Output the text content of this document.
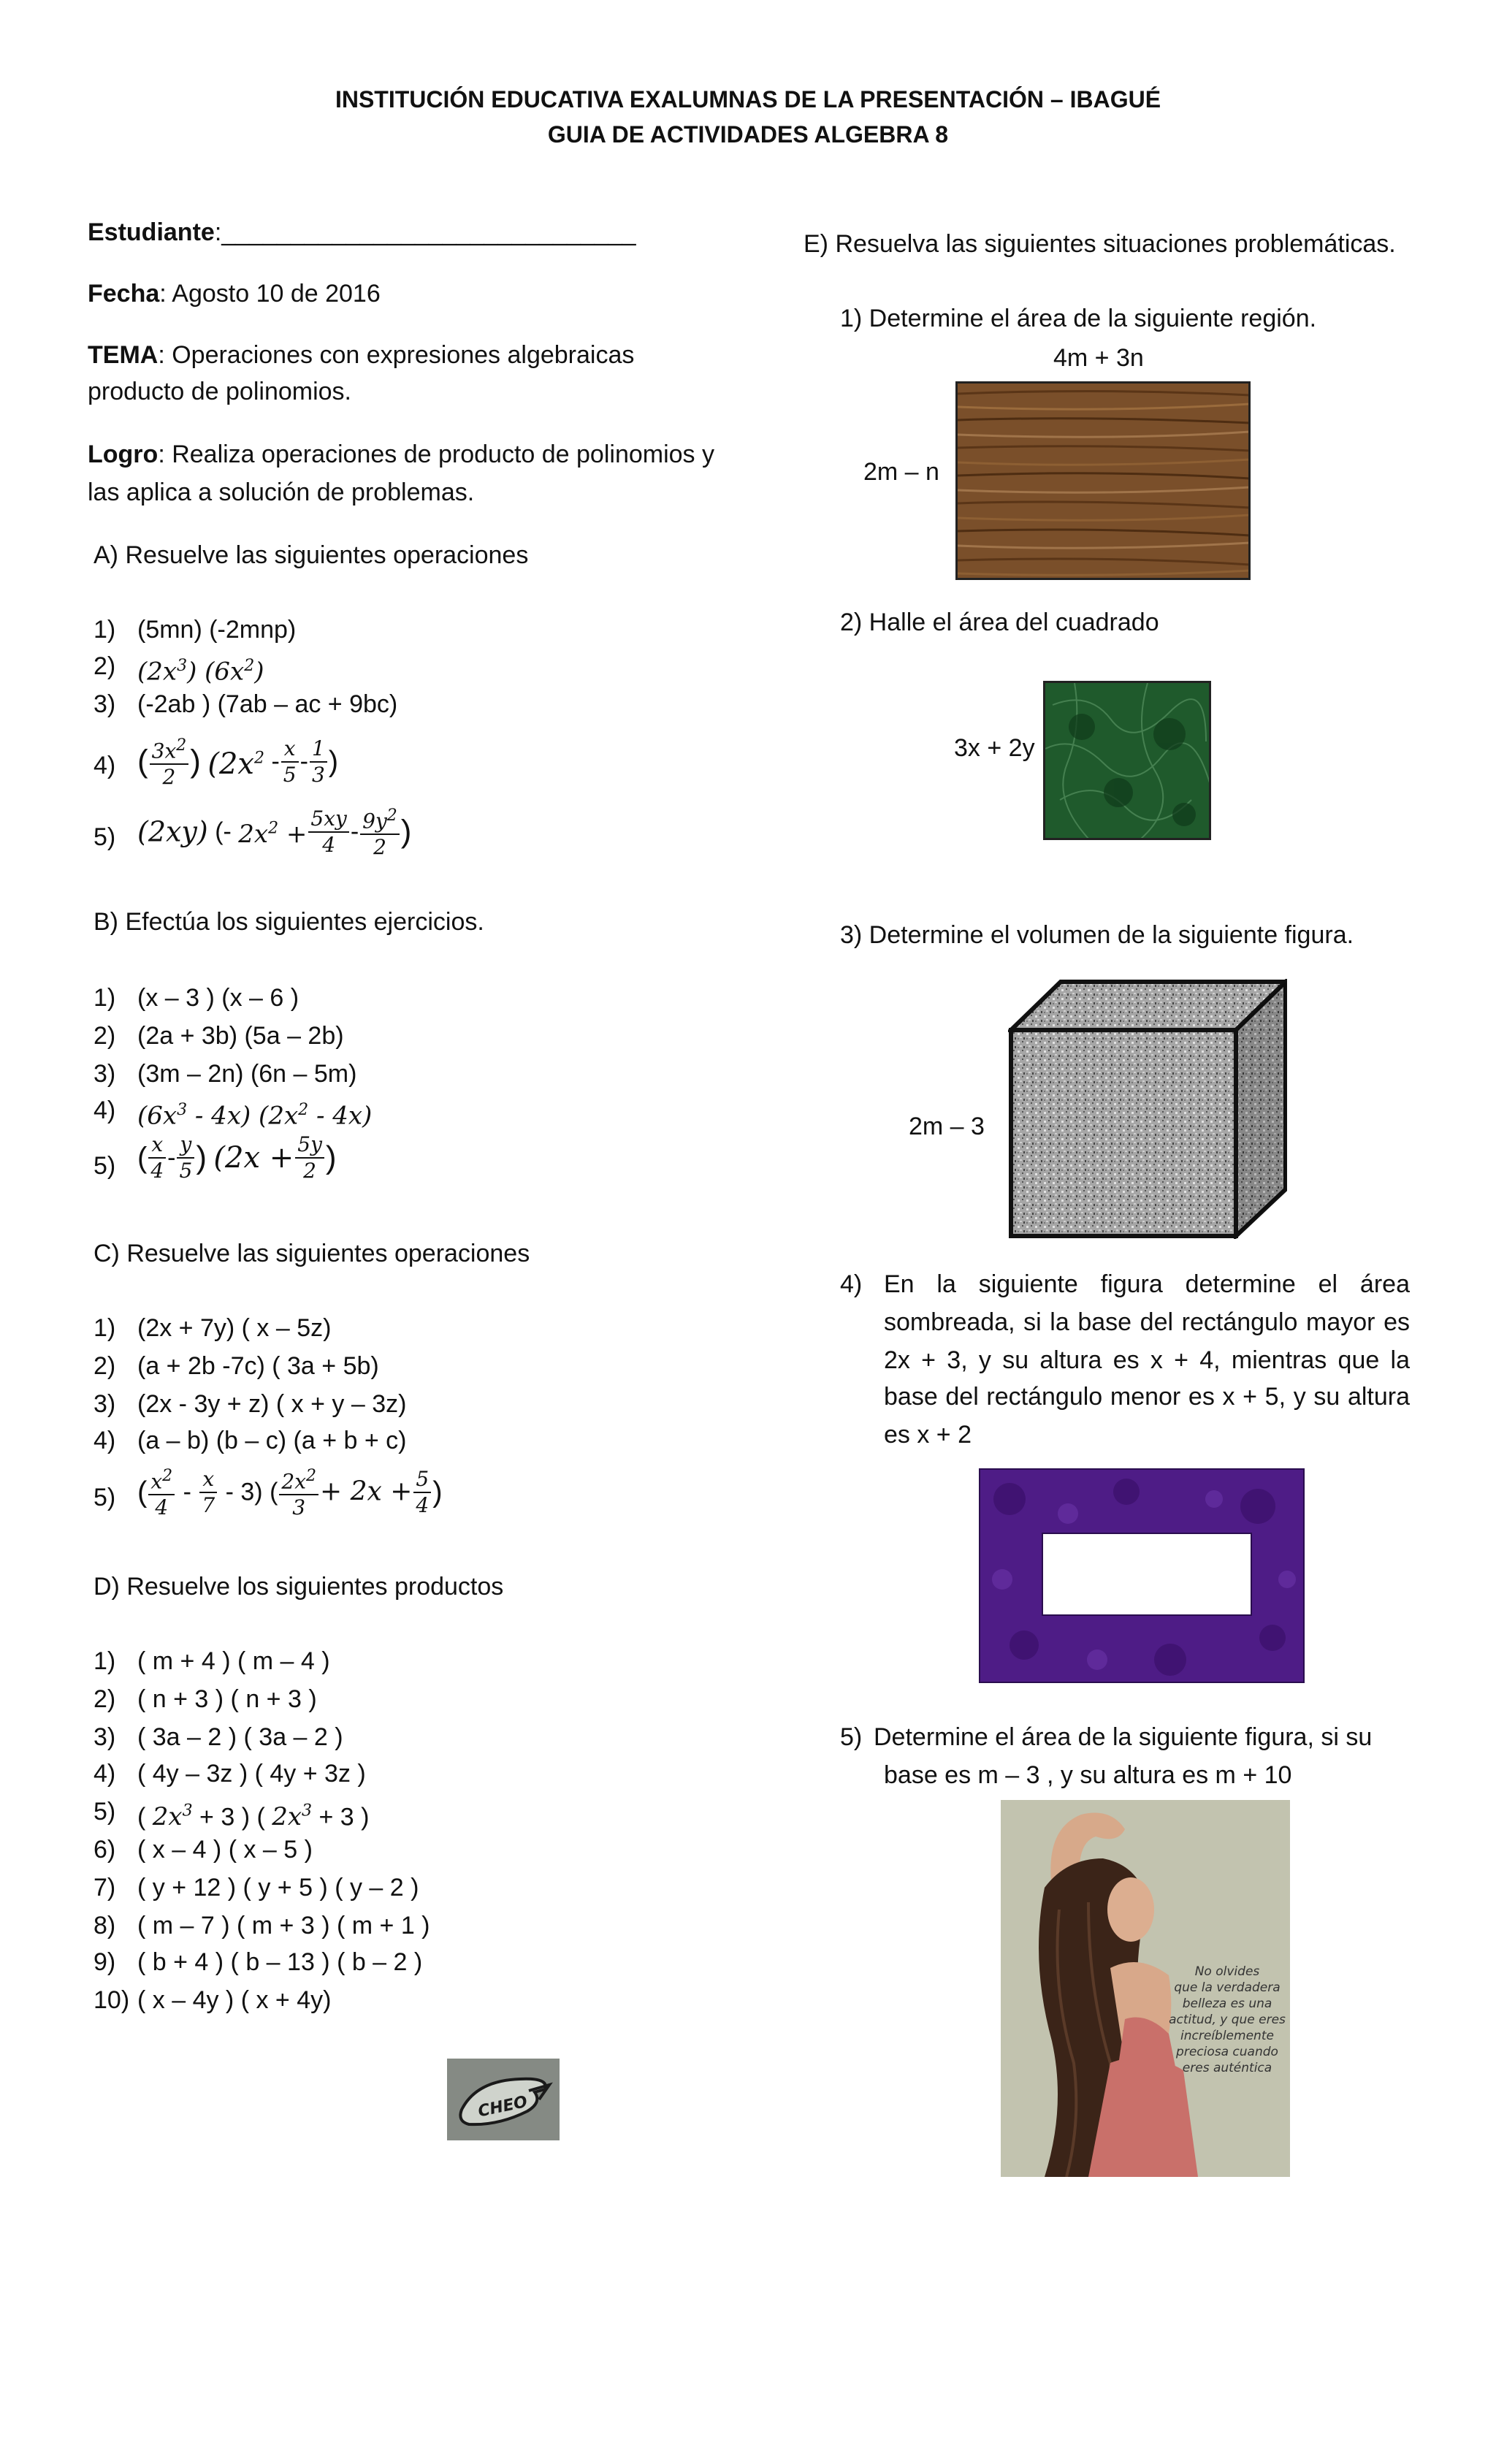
INSTITUCIÓN EDUCATIVA EXALUMNAS DE LA PRESENTACIÓN – IBAGUÉ
GUIA DE ACTIVIDADES ALGEBRA 8
Estudiante:______________________________
Fecha: Agosto 10 de 2016
TEMA: Operaciones con expresiones algebraicas
producto de polinomios.
Logro: Realiza operaciones de producto de polinomios y
las aplica a solución de problemas.
A) Resuelve las siguientes operaciones
1) (5mn) (-2mnp)
2) $(2x^3)$ $(6x^2)$
3) (-2ab ) (7ab – ac + 9bc)
4) ( $\frac{3x^2}{2}$ ) ($2x^2 - \frac{x}{5} - \frac{1}{3}$ )
5) (2xy) (- $2x^2 + \frac{5xy}{4} - \frac{9y^2}{2}$ )
B) Efectúa los siguientes ejercicios.
1) (x – 3 ) (x – 6 )
2) (2a + 3b) (5a – 2b)
3) (3m – 2n) (6n – 5m)
4) $(6x^3 - 4x)$ $(2x^2 - 4x)$
5) ( $\frac{x}{4} - \frac{y}{5}$ ) ($2x + \frac{5y}{2}$ )
C) Resuelve las siguientes operaciones
1) (2x + 7y) ( x – 5z)
2) (a + 2b -7c) ( 3a + 5b)
3) (2x - 3y + z) ( x + y – 3z)
4) (a – b) (b – c) (a + b + c)
5) ( $\frac{x^2}{4} - \frac{x}{7} - 3$) ( $\frac{2x^2}{3} + 2x + \frac{5}{4}$ )
D) Resuelve los siguientes productos
1) ( m + 4 ) ( m – 4 )
2) ( n + 3 ) ( n + 3 )
3) ( 3a – 2 ) ( 3a – 2 )
4) ( 4y – 3z ) ( 4y + 3z )
5) ( $2x^3 + 3$ ) ( $2x^3 + 3$ )
6) ( x – 4 ) ( x – 5 )
7) ( y + 12 ) ( y + 5 ) ( y – 2 )
8) ( m – 7 ) ( m + 3 ) ( m + 1 )
9) ( b + 4 ) ( b – 13 ) ( b – 2 )
10) ( x – 4y ) ( x + 4y)
CHEO
E) Resuelva las siguientes situaciones problemáticas.
1) Determine el área de la siguiente región.
4m + 3n
2m – n
2) Halle el área del cuadrado
3x + 2y
3) Determine el volumen de la siguiente figura.
2m – 3
4) En la siguiente figura determine el área
sombreada, si la base del rectángulo mayor es
2x + 3, y su altura es x + 4, mientras que la
base del rectángulo menor es x + 5, y su altura
es x + 2
5) Determine el área de la siguiente figura, si su
base es m – 3 , y su altura es m + 10
No olvides
que la verdadera
belleza es una
actitud, y que eres
increíblemente
preciosa cuando
eres auténtica
